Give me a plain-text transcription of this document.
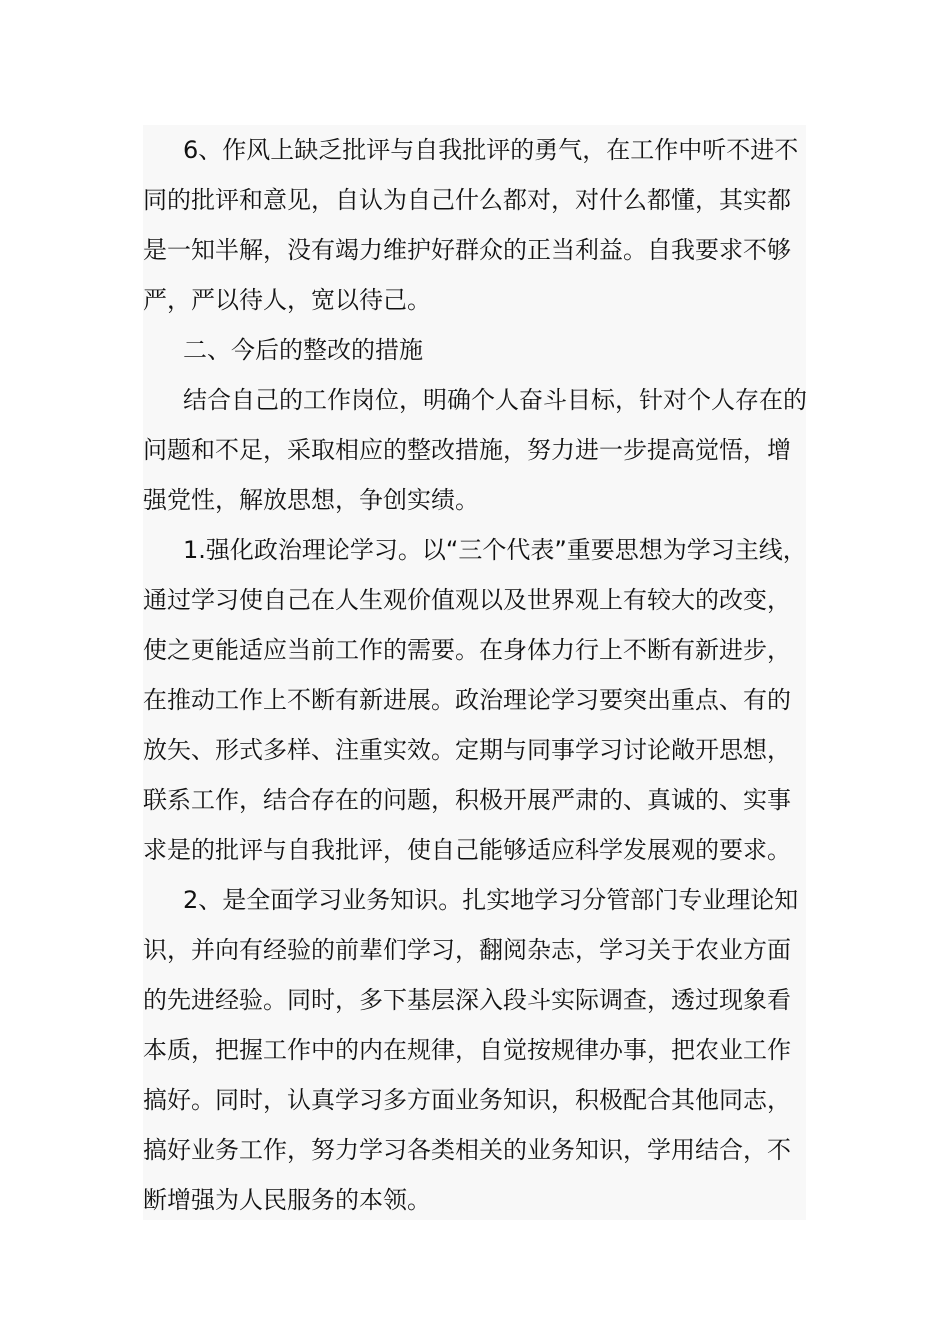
6、作风上缺乏批评与自我批评的勇气，在工作中听不进不
同的批评和意见，自认为自己什么都对，对什么都懂，其实都
是一知半解，没有竭力维护好群众的正当利益。自我要求不够
严，严以待人，宽以待己。
二、今后的整改的措施
结合自己的工作岗位，明确个人奋斗目标，针对个人存在的
问题和不足，采取相应的整改措施，努力进一步提高觉悟，增
强党性，解放思想，争创实绩。
1.强化政治理论学习。以“三个代表”重要思想为学习主线，
通过学习使自己在人生观价值观以及世界观上有较大的改变，
使之更能适应当前工作的需要。在身体力行上不断有新进步，
在推动工作上不断有新进展。政治理论学习要突出重点、有的
放矢、形式多样、注重实效。定期与同事学习讨论敞开思想，
联系工作，结合存在的问题，积极开展严肃的、真诚的、实事
求是的批评与自我批评，使自己能够适应科学发展观的要求。
2、是全面学习业务知识。扎实地学习分管部门专业理论知
识，并向有经验的前辈们学习，翻阅杂志，学习关于农业方面
的先进经验。同时，多下基层深入段斗实际调查，透过现象看
本质，把握工作中的内在规律，自觉按规律办事，把农业工作
搞好。同时，认真学习多方面业务知识，积极配合其他同志，
搞好业务工作，努力学习各类相关的业务知识，学用结合，不
断增强为人民服务的本领。
